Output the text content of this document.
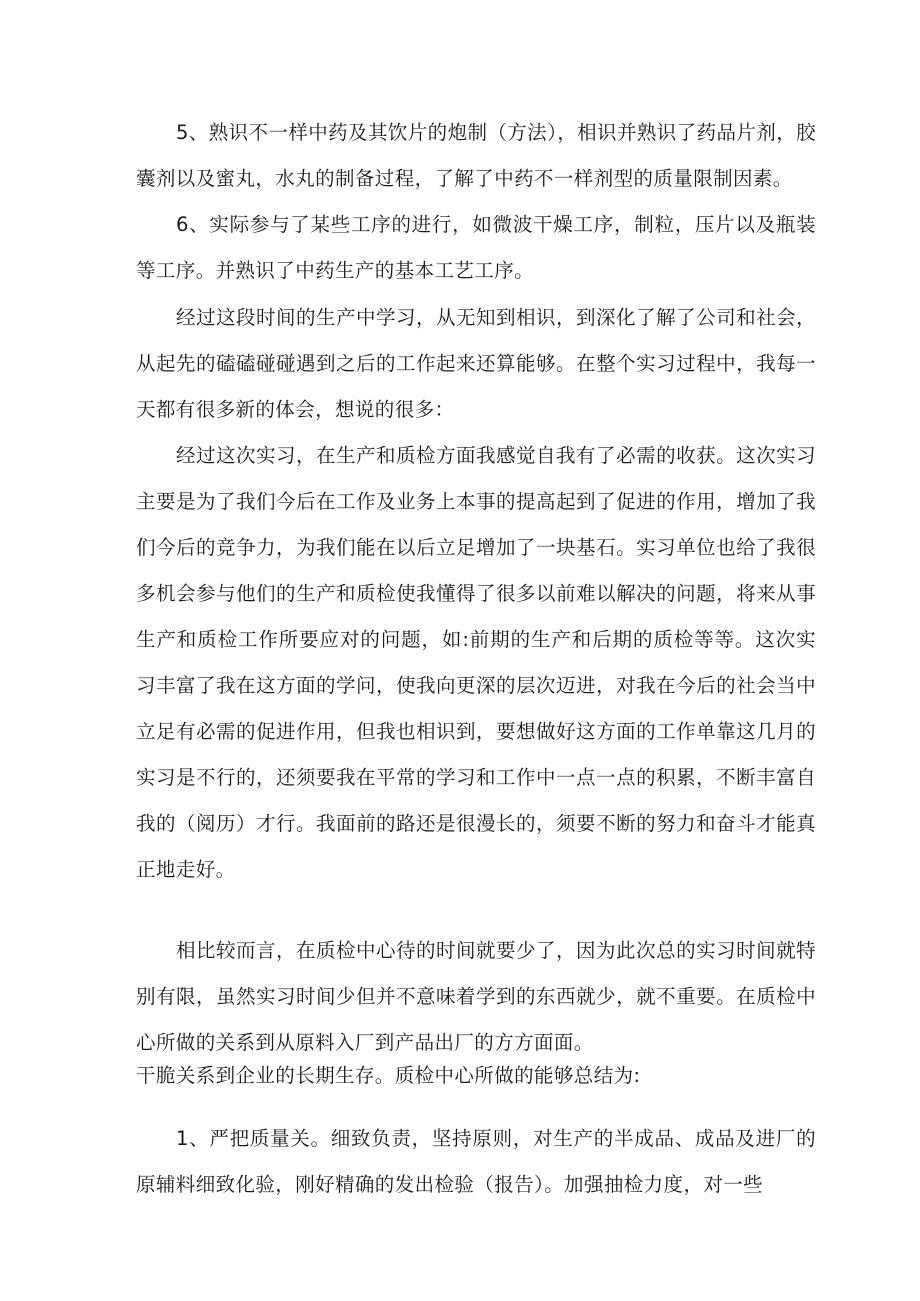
5、熟识不一样中药及其饮片的炮制（方法），相识并熟识了药品片剂，胶囊剂以及蜜丸，水丸的制备过程，了解了中药不一样剂型的质量限制因素。

6、实际参与了某些工序的进行，如微波干燥工序，制粒，压片以及瓶装等工序。并熟识了中药生产的基本工艺工序。

经过这段时间的生产中学习，从无知到相识，到深化了解了公司和社会，从起先的磕磕碰碰遇到之后的工作起来还算能够。在整个实习过程中，我每一天都有很多新的体会，想说的很多：

经过这次实习，在生产和质检方面我感觉自我有了必需的收获。这次实习主要是为了我们今后在工作及业务上本事的提高起到了促进的作用，增加了我们今后的竞争力，为我们能在以后立足增加了一块基石。实习单位也给了我很多机会参与他们的生产和质检使我懂得了很多以前难以解决的问题，将来从事生产和质检工作所要应对的问题，如:前期的生产和后期的质检等等。这次实习丰富了我在这方面的学问，使我向更深的层次迈进，对我在今后的社会当中立足有必需的促进作用，但我也相识到，要想做好这方面的工作单靠这几月的实习是不行的，还须要我在平常的学习和工作中一点一点的积累，不断丰富自我的（阅历）才行。我面前的路还是很漫长的，须要不断的努力和奋斗才能真正地走好。

相比较而言，在质检中心待的时间就要少了，因为此次总的实习时间就特别有限，虽然实习时间少但并不意味着学到的东西就少，就不重要。在质检中心所做的关系到从原料入厂到产品出厂的方方面面。

干脆关系到企业的长期生存。质检中心所做的能够总结为:

1、严把质量关。细致负责，坚持原则，对生产的半成品、成品及进厂的原辅料细致化验，刚好精确的发出检验（报告）。加强抽检力度，对一些
